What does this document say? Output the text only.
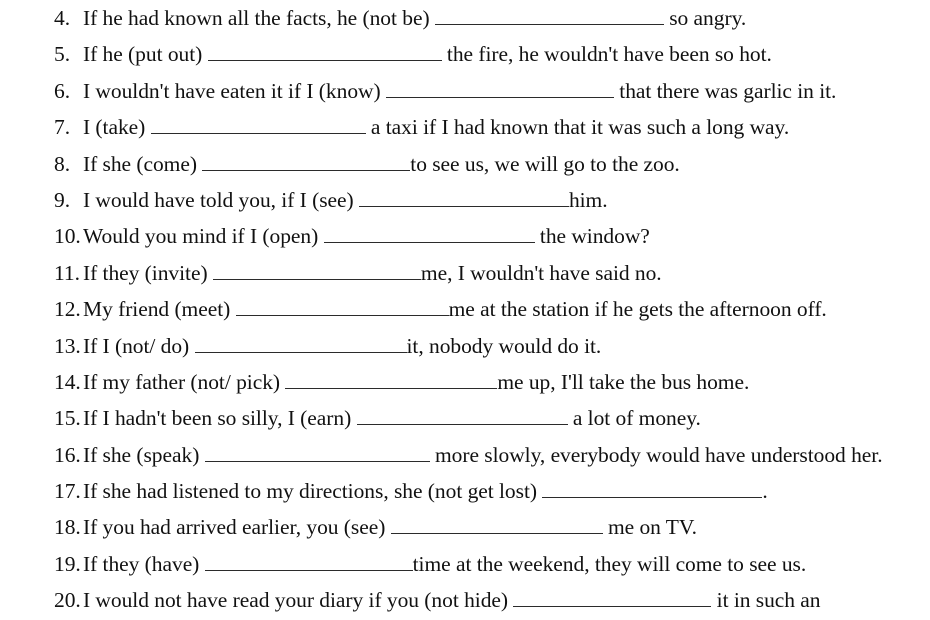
4. If he had known all the facts, he (not be)	so angry.
5. If he (put out)	the fire, he wouldn't have been so hot.
6. I wouldn't have eaten it if I (know)	that there was garlic in it.
7. I (take)	a taxi if I had known that it was such a long way.
8. If she (come)	to see us, we will go to the zoo.
9. I would have told you, if I (see)	him.
10. Would you mind if I (open)	the window?
11. If they (invite)	me, I wouldn't have said no.
12. My friend (meet)	me at the station if he gets the afternoon off.
13. If I (not/ do)	it, nobody would do it.
14. If my father (not/ pick)	me up, I'll take the bus home.
15. If I hadn't been so silly, I (earn)	a lot of money.
16. If she (speak)	more slowly, everybody would have understood her.
17. If she had listened to my directions, she (not get lost)	.
18. If you had arrived earlier, you (see)	me on TV.
19. If they (have)	time at the weekend, they will come to see us.
20. I would not have read your diary if you (not hide)	it in such an
